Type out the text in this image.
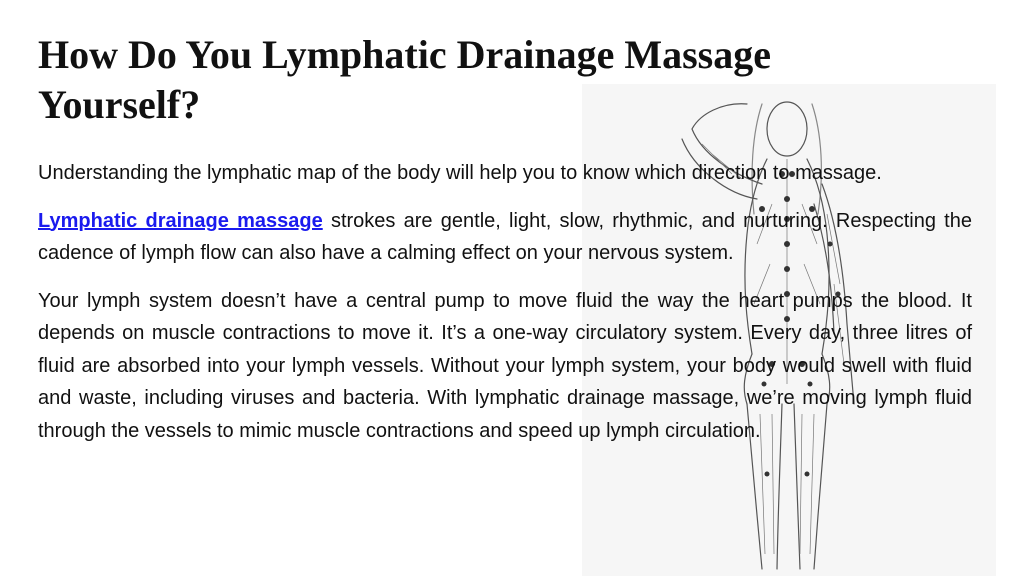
How Do You Lymphatic Drainage Massage Yourself?

Understanding the lymphatic map of the body will help you to know which direction to massage.

Lymphatic drainage massage strokes are gentle, light, slow, rhythmic, and nurturing. Respecting the cadence of lymph flow can also have a calming effect on your nervous system.

Your lymph system doesn’t have a central pump to move fluid the way the heart pumps the blood. It depends on muscle contractions to move it. It’s a one-way circulatory system. Every day, three litres of fluid are absorbed into your lymph vessels. Without your lymph system, your body would swell with fluid and waste, including viruses and bacteria. With lymphatic drainage massage, we’re moving lymph fluid through the vessels to mimic muscle contractions and speed up lymph circulation.
